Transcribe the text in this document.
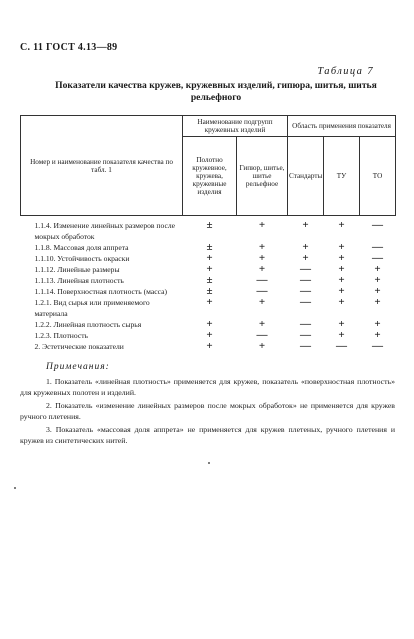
С. 11 ГОСТ 4.13—89
Таблица 7
Показатели качества кружев, кружевных изделий, гипюра, шитья, шитья рельефного
Номер и наименование показателя качества по табл. 1	Наименование подгрупп кружевных изделий		Область применения показателя		
	Полотно кружевное, кружева, кружевные изделия	Гипюр, шитье, шитье рельефное	Стандарты	ТУ	ТО

1.1.4. Изменение линейных размеров после мокрых обработок	±	+	+	+	—
1.1.8. Массовая доля аппрета	±	+	+	+	—
1.1.10. Устойчивость окраски	+	+	+	+	—
1.1.12. Линейные размеры	+	+	—	+	+
1.1.13. Линейная плотность	±	—	—	+	+
1.1.14. Поверхностная плотность (масса)	±	—	—	+	+
1.2.1. Вид сырья или применяемого материала	+	+	—	+	+
1.2.2. Линейная плотность сырья	+	+	—	+	+
1.2.3. Плотность	+	—	—	+	+
2. Эстетические показатели	+	+	—	—	—
Примечания:

1. Показатель «линейная плотность» применяется для кружев, показатель «поверхностная плотность» для кружевных полотен и изделий.

2. Показатель «изменение линейных размеров после мокрых обработок» не применяется для кружев ручного плетения.

3. Показатель «массовая доля аппрета» не применяется для кружев плетеных, ручного плетения и кружев из синтетических нитей.
